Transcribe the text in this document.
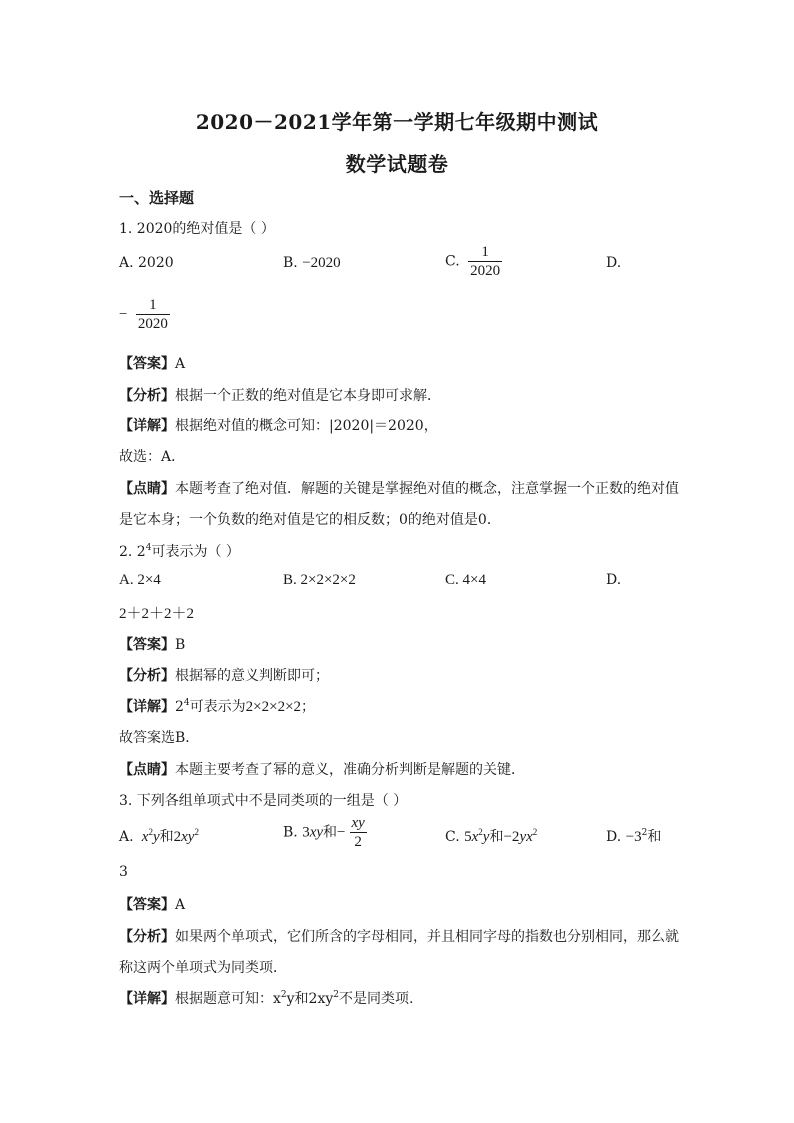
2020－2021学年第一学期七年级期中测试
数学试题卷
一、选择题
1. 2020的绝对值是（ ）
A. 2020	B. −2020	C. $\frac{1}{2020}$	D.
− $\frac{1}{2020}$
【答案】A
【分析】根据一个正数的绝对值是它本身即可求解．
【详解】根据绝对值的概念可知：|2020|＝2020，
故选：A．
【点睛】本题考查了绝对值．解题的关键是掌握绝对值的概念，注意掌握一个正数的绝对值
是它本身；一个负数的绝对值是它的相反数；0的绝对值是0．
2. $2^4$可表示为（ ）
A. 2×4	B. 2×2×2×2	C. 4×4	D.
2＋2＋2＋2
【答案】B
【分析】根据幂的意义判断即可；
【详解】$2^4$可表示为2×2×2×2；
故答案选B．
【点睛】本题主要考查了幂的意义，准确分析判断是解题的关键．
3. 下列各组单项式中不是同类项的一组是（ ）
A. $x^2y$和$2xy^2$	B. 3xy和− $\frac{xy}{2}$	C. $5x^2y$和$-2yx^2$	D. $-3^2$和
3
【答案】A
【分析】如果两个单项式，它们所含的字母相同，并且相同字母的指数也分别相同，那么就
称这两个单项式为同类项．
【详解】根据题意可知：$x^2y$和$2xy^2$不是同类项.
